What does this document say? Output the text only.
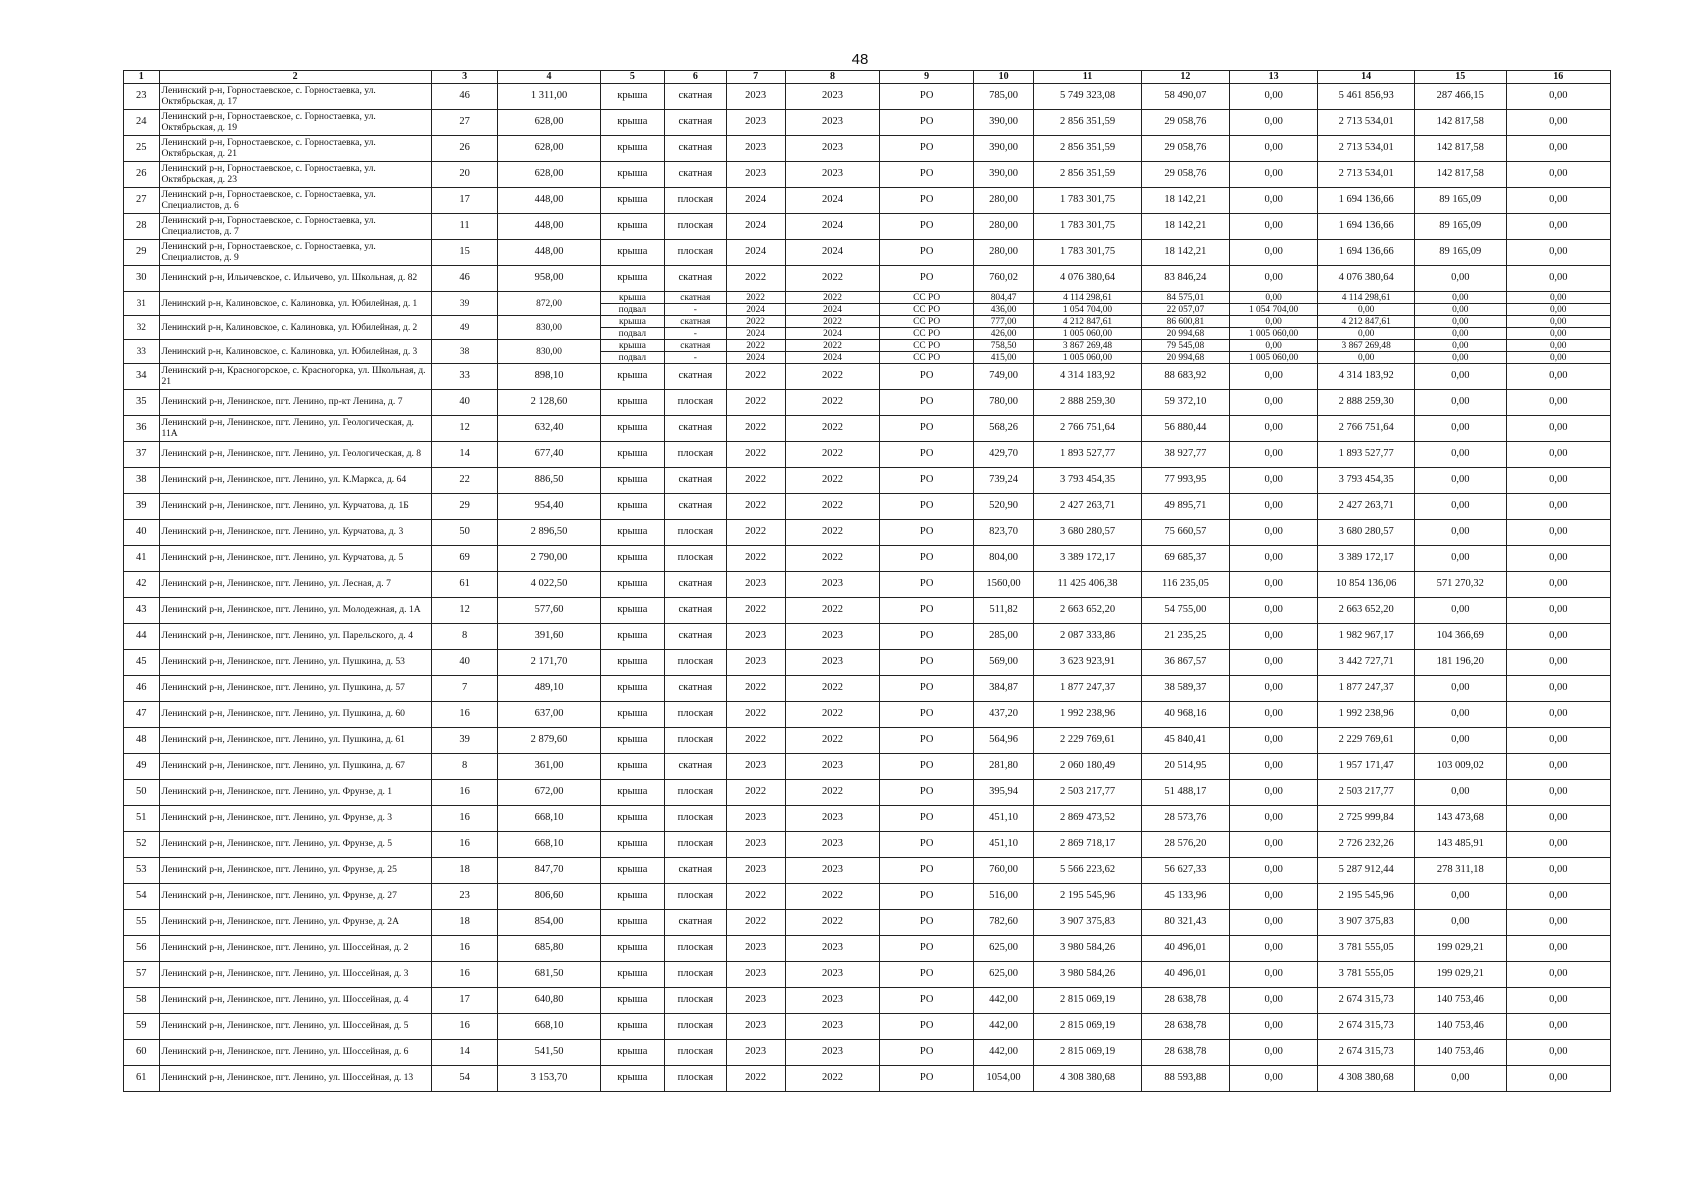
48
1	2	3	4	5	6	7	8	9	10	11	12	13	14	15	16
23	Ленинский р-н, Горностаевское, с. Горностаевка, ул. Октябрьская, д. 17	46	1 311,00	крыша	скатная	2023	2023	РО	785,00	5 749 323,08	58 490,07	0,00	5 461 856,93	287 466,15	0,00
24	Ленинский р-н, Горностаевское, с. Горностаевка, ул. Октябрьская, д. 19	27	628,00	крыша	скатная	2023	2023	РО	390,00	2 856 351,59	29 058,76	0,00	2 713 534,01	142 817,58	0,00
25	Ленинский р-н, Горностаевское, с. Горностаевка, ул. Октябрьская, д. 21	26	628,00	крыша	скатная	2023	2023	РО	390,00	2 856 351,59	29 058,76	0,00	2 713 534,01	142 817,58	0,00
26	Ленинский р-н, Горностаевское, с. Горностаевка, ул. Октябрьская, д. 23	20	628,00	крыша	скатная	2023	2023	РО	390,00	2 856 351,59	29 058,76	0,00	2 713 534,01	142 817,58	0,00
27	Ленинский р-н, Горностаевское, с. Горностаевка, ул. Специалистов, д. 6	17	448,00	крыша	плоская	2024	2024	РО	280,00	1 783 301,75	18 142,21	0,00	1 694 136,66	89 165,09	0,00
28	Ленинский р-н, Горностаевское, с. Горностаевка, ул. Специалистов, д. 7	11	448,00	крыша	плоская	2024	2024	РО	280,00	1 783 301,75	18 142,21	0,00	1 694 136,66	89 165,09	0,00
29	Ленинский р-н, Горностаевское, с. Горностаевка, ул. Специалистов, д. 9	15	448,00	крыша	плоская	2024	2024	РО	280,00	1 783 301,75	18 142,21	0,00	1 694 136,66	89 165,09	0,00
30	Ленинский р-н, Ильичевское, с. Ильичево, ул. Школьная, д. 82	46	958,00	крыша	скатная	2022	2022	РО	760,02	4 076 380,64	83 846,24	0,00	4 076 380,64	0,00	0,00
31	Ленинский р-н, Калиновское, с. Калиновка, ул. Юбилейная, д. 1	39	872,00	крыша	скатная	2022	2022	СС РО	804,47	4 114 298,61	84 575,01	0,00	4 114 298,61	0,00	0,00
				подвал	-	2024	2024	СС РО	436,00	1 054 704,00	22 057,07	1 054 704,00	0,00	0,00	0,00
32	Ленинский р-н, Калиновское, с. Калиновка, ул. Юбилейная, д. 2	49	830,00	крыша	скатная	2022	2022	СС РО	777,00	4 212 847,61	86 600,81	0,00	4 212 847,61	0,00	0,00
				подвал	-	2024	2024	СС РО	426,00	1 005 060,00	20 994,68	1 005 060,00	0,00	0,00	0,00
33	Ленинский р-н, Калиновское, с. Калиновка, ул. Юбилейная, д. 3	38	830,00	крыша	скатная	2022	2022	СС РО	758,50	3 867 269,48	79 545,08	0,00	3 867 269,48	0,00	0,00
				подвал	-	2024	2024	СС РО	415,00	1 005 060,00	20 994,68	1 005 060,00	0,00	0,00	0,00
34	Ленинский р-н, Красногорское, с. Красногорка, ул. Школьная, д. 21	33	898,10	крыша	скатная	2022	2022	РО	749,00	4 314 183,92	88 683,92	0,00	4 314 183,92	0,00	0,00
35	Ленинский р-н, Ленинское, пгт. Ленино, пр-кт Ленина, д. 7	40	2 128,60	крыша	плоская	2022	2022	РО	780,00	2 888 259,30	59 372,10	0,00	2 888 259,30	0,00	0,00
36	Ленинский р-н, Ленинское, пгт. Ленино, ул. Геологическая, д. 11А	12	632,40	крыша	скатная	2022	2022	РО	568,26	2 766 751,64	56 880,44	0,00	2 766 751,64	0,00	0,00
37	Ленинский р-н, Ленинское, пгт. Ленино, ул. Геологическая, д. 8	14	677,40	крыша	плоская	2022	2022	РО	429,70	1 893 527,77	38 927,77	0,00	1 893 527,77	0,00	0,00
38	Ленинский р-н, Ленинское, пгт. Ленино, ул. К.Маркса, д. 64	22	886,50	крыша	скатная	2022	2022	РО	739,24	3 793 454,35	77 993,95	0,00	3 793 454,35	0,00	0,00
39	Ленинский р-н, Ленинское, пгт. Ленино, ул. Курчатова, д. 1Б	29	954,40	крыша	скатная	2022	2022	РО	520,90	2 427 263,71	49 895,71	0,00	2 427 263,71	0,00	0,00
40	Ленинский р-н, Ленинское, пгт. Ленино, ул. Курчатова, д. 3	50	2 896,50	крыша	плоская	2022	2022	РО	823,70	3 680 280,57	75 660,57	0,00	3 680 280,57	0,00	0,00
41	Ленинский р-н, Ленинское, пгт. Ленино, ул. Курчатова, д. 5	69	2 790,00	крыша	плоская	2022	2022	РО	804,00	3 389 172,17	69 685,37	0,00	3 389 172,17	0,00	0,00
42	Ленинский р-н, Ленинское, пгт. Ленино, ул. Лесная, д. 7	61	4 022,50	крыша	скатная	2023	2023	РО	1560,00	11 425 406,38	116 235,05	0,00	10 854 136,06	571 270,32	0,00
43	Ленинский р-н, Ленинское, пгт. Ленино, ул. Молодежная, д. 1А	12	577,60	крыша	скатная	2022	2022	РО	511,82	2 663 652,20	54 755,00	0,00	2 663 652,20	0,00	0,00
44	Ленинский р-н, Ленинское, пгт. Ленино, ул. Парельского, д. 4	8	391,60	крыша	скатная	2023	2023	РО	285,00	2 087 333,86	21 235,25	0,00	1 982 967,17	104 366,69	0,00
45	Ленинский р-н, Ленинское, пгт. Ленино, ул. Пушкина, д. 53	40	2 171,70	крыша	плоская	2023	2023	РО	569,00	3 623 923,91	36 867,57	0,00	3 442 727,71	181 196,20	0,00
46	Ленинский р-н, Ленинское, пгт. Ленино, ул. Пушкина, д. 57	7	489,10	крыша	скатная	2022	2022	РО	384,87	1 877 247,37	38 589,37	0,00	1 877 247,37	0,00	0,00
47	Ленинский р-н, Ленинское, пгт. Ленино, ул. Пушкина, д. 60	16	637,00	крыша	плоская	2022	2022	РО	437,20	1 992 238,96	40 968,16	0,00	1 992 238,96	0,00	0,00
48	Ленинский р-н, Ленинское, пгт. Ленино, ул. Пушкина, д. 61	39	2 879,60	крыша	плоская	2022	2022	РО	564,96	2 229 769,61	45 840,41	0,00	2 229 769,61	0,00	0,00
49	Ленинский р-н, Ленинское, пгт. Ленино, ул. Пушкина, д. 67	8	361,00	крыша	скатная	2023	2023	РО	281,80	2 060 180,49	20 514,95	0,00	1 957 171,47	103 009,02	0,00
50	Ленинский р-н, Ленинское, пгт. Ленино, ул. Фрунзе, д. 1	16	672,00	крыша	плоская	2022	2022	РО	395,94	2 503 217,77	51 488,17	0,00	2 503 217,77	0,00	0,00
51	Ленинский р-н, Ленинское, пгт. Ленино, ул. Фрунзе, д. 3	16	668,10	крыша	плоская	2023	2023	РО	451,10	2 869 473,52	28 573,76	0,00	2 725 999,84	143 473,68	0,00
52	Ленинский р-н, Ленинское, пгт. Ленино, ул. Фрунзе, д. 5	16	668,10	крыша	плоская	2023	2023	РО	451,10	2 869 718,17	28 576,20	0,00	2 726 232,26	143 485,91	0,00
53	Ленинский р-н, Ленинское, пгт. Ленино, ул. Фрунзе, д. 25	18	847,70	крыша	скатная	2023	2023	РО	760,00	5 566 223,62	56 627,33	0,00	5 287 912,44	278 311,18	0,00
54	Ленинский р-н, Ленинское, пгт. Ленино, ул. Фрунзе, д. 27	23	806,60	крыша	плоская	2022	2022	РО	516,00	2 195 545,96	45 133,96	0,00	2 195 545,96	0,00	0,00
55	Ленинский р-н, Ленинское, пгт. Ленино, ул. Фрунзе, д. 2А	18	854,00	крыша	скатная	2022	2022	РО	782,60	3 907 375,83	80 321,43	0,00	3 907 375,83	0,00	0,00
56	Ленинский р-н, Ленинское, пгт. Ленино, ул. Шоссейная, д. 2	16	685,80	крыша	плоская	2023	2023	РО	625,00	3 980 584,26	40 496,01	0,00	3 781 555,05	199 029,21	0,00
57	Ленинский р-н, Ленинское, пгт. Ленино, ул. Шоссейная, д. 3	16	681,50	крыша	плоская	2023	2023	РО	625,00	3 980 584,26	40 496,01	0,00	3 781 555,05	199 029,21	0,00
58	Ленинский р-н, Ленинское, пгт. Ленино, ул. Шоссейная, д. 4	17	640,80	крыша	плоская	2023	2023	РО	442,00	2 815 069,19	28 638,78	0,00	2 674 315,73	140 753,46	0,00
59	Ленинский р-н, Ленинское, пгт. Ленино, ул. Шоссейная, д. 5	16	668,10	крыша	плоская	2023	2023	РО	442,00	2 815 069,19	28 638,78	0,00	2 674 315,73	140 753,46	0,00
60	Ленинский р-н, Ленинское, пгт. Ленино, ул. Шоссейная, д. 6	14	541,50	крыша	плоская	2023	2023	РО	442,00	2 815 069,19	28 638,78	0,00	2 674 315,73	140 753,46	0,00
61	Ленинский р-н, Ленинское, пгт. Ленино, ул. Шоссейная, д. 13	54	3 153,70	крыша	плоская	2022	2022	РО	1054,00	4 308 380,68	88 593,88	0,00	4 308 380,68	0,00	0,00
